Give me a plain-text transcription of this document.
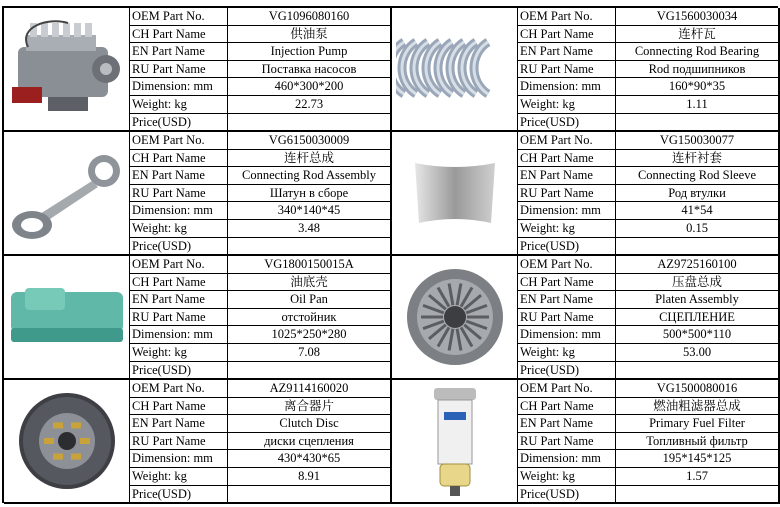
OEM Part No.	VG1096080160
CH Part Name	供油泵
EN Part Name	Injection Pump
RU Part Name	Поставка насосов
Dimension: mm	460*300*200
Weight: kg	22.73
Price(USD)
OEM Part No.	VG1560030034
CH Part Name	连杆瓦
EN Part Name	Connecting Rod Bearing
RU Part Name	Rod подшипников
Dimension: mm	160*90*35
Weight: kg	1.11
Price(USD)
OEM Part No.	VG6150030009
CH Part Name	连杆总成
EN Part Name	Connecting Rod Assembly
RU Part Name	Шатун в сборе
Dimension: mm	340*140*45
Weight: kg	3.48
Price(USD)
OEM Part No.	VG150030077
CH Part Name	连杆衬套
EN Part Name	Connecting Rod Sleeve
RU Part Name	Род втулки
Dimension: mm	41*54
Weight: kg	0.15
Price(USD)
OEM Part No.	VG1800150015A
CH Part Name	油底壳
EN Part Name	Oil Pan
RU Part Name	отстойник
Dimension: mm	1025*250*280
Weight: kg	7.08
Price(USD)
OEM Part No.	AZ9725160100
CH Part Name	压盘总成
EN Part Name	Platen Assembly
RU Part Name	СЦЕПЛЕНИЕ
Dimension: mm	500*500*110
Weight: kg	53.00
Price(USD)
OEM Part No.	AZ9114160020
CH Part Name	离合器片
EN Part Name	Clutch Disc
RU Part Name	диски сцепления
Dimension: mm	430*430*65
Weight: kg	8.91
Price(USD)
OEM Part No.	VG1500080016
CH Part Name	燃油粗滤器总成
EN Part Name	Primary Fuel Filter
RU Part Name	Топливный фильтр
Dimension: mm	195*145*125
Weight: kg	1.57
Price(USD)
